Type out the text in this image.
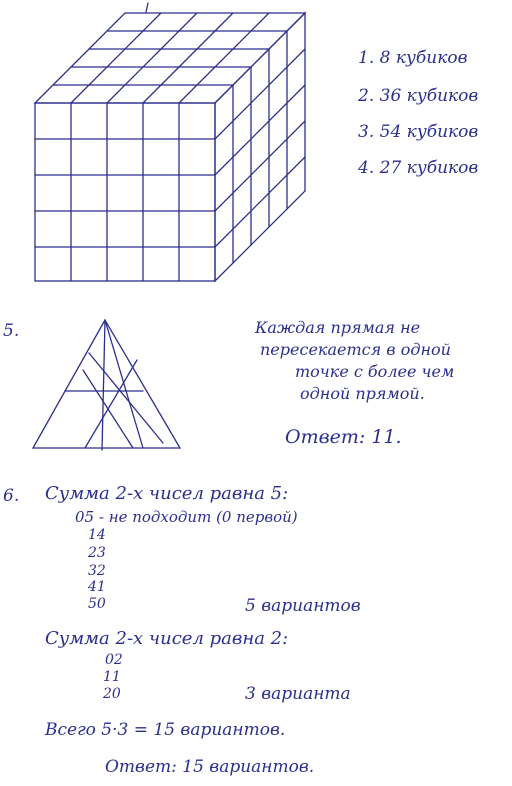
1. 8 кубиков
2. 36 кубиков
3. 54 кубиков
4. 27 кубиков
5.	Каждая прямая не
пересекается в одной
точке с более чем
одной прямой.
Ответ: 11.
6. Сумма 2-х чисел равна 5:
05 - не подходит (0 первой)
14
23
32
41
50	5 вариантов
Сумма 2-х чисел равна 2:
02
11
20	3 варианта
Всего 5·3 = 15 вариантов.
Ответ: 15 вариантов.
